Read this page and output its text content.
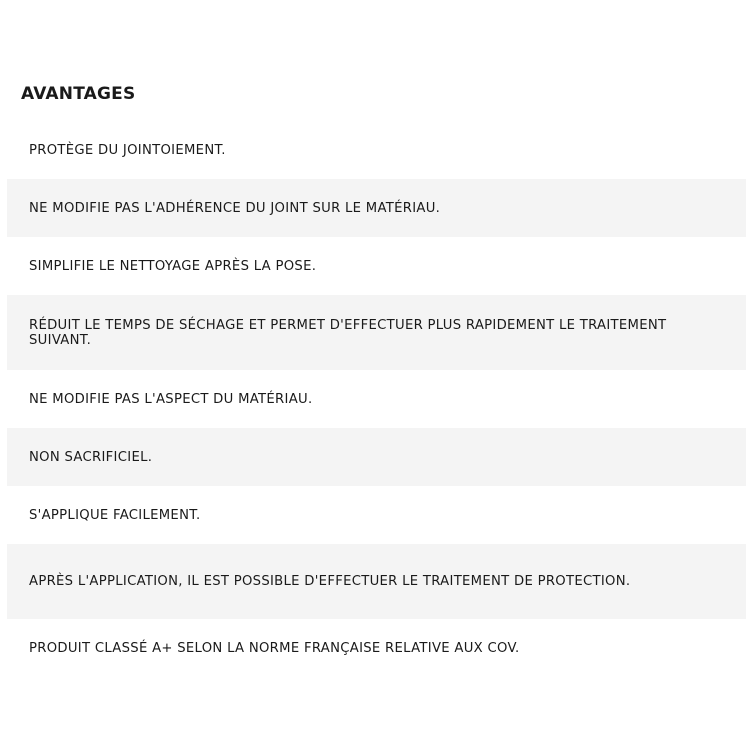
AVANTAGES
PROTÈGE DU JOINTOIEMENT.
NE MODIFIE PAS L'ADHÉRENCE DU JOINT SUR LE MATÉRIAU.
SIMPLIFIE LE NETTOYAGE APRÈS LA POSE.
RÉDUIT LE TEMPS DE SÉCHAGE ET PERMET D'EFFECTUER PLUS RAPIDEMENT LE TRAITEMENT SUIVANT.
NE MODIFIE PAS L'ASPECT DU MATÉRIAU.
NON SACRIFICIEL.
S'APPLIQUE FACILEMENT.
APRÈS L'APPLICATION, IL EST POSSIBLE D'EFFECTUER LE TRAITEMENT DE PROTECTION.
PRODUIT CLASSÉ A+ SELON LA NORME FRANÇAISE RELATIVE AUX COV.
